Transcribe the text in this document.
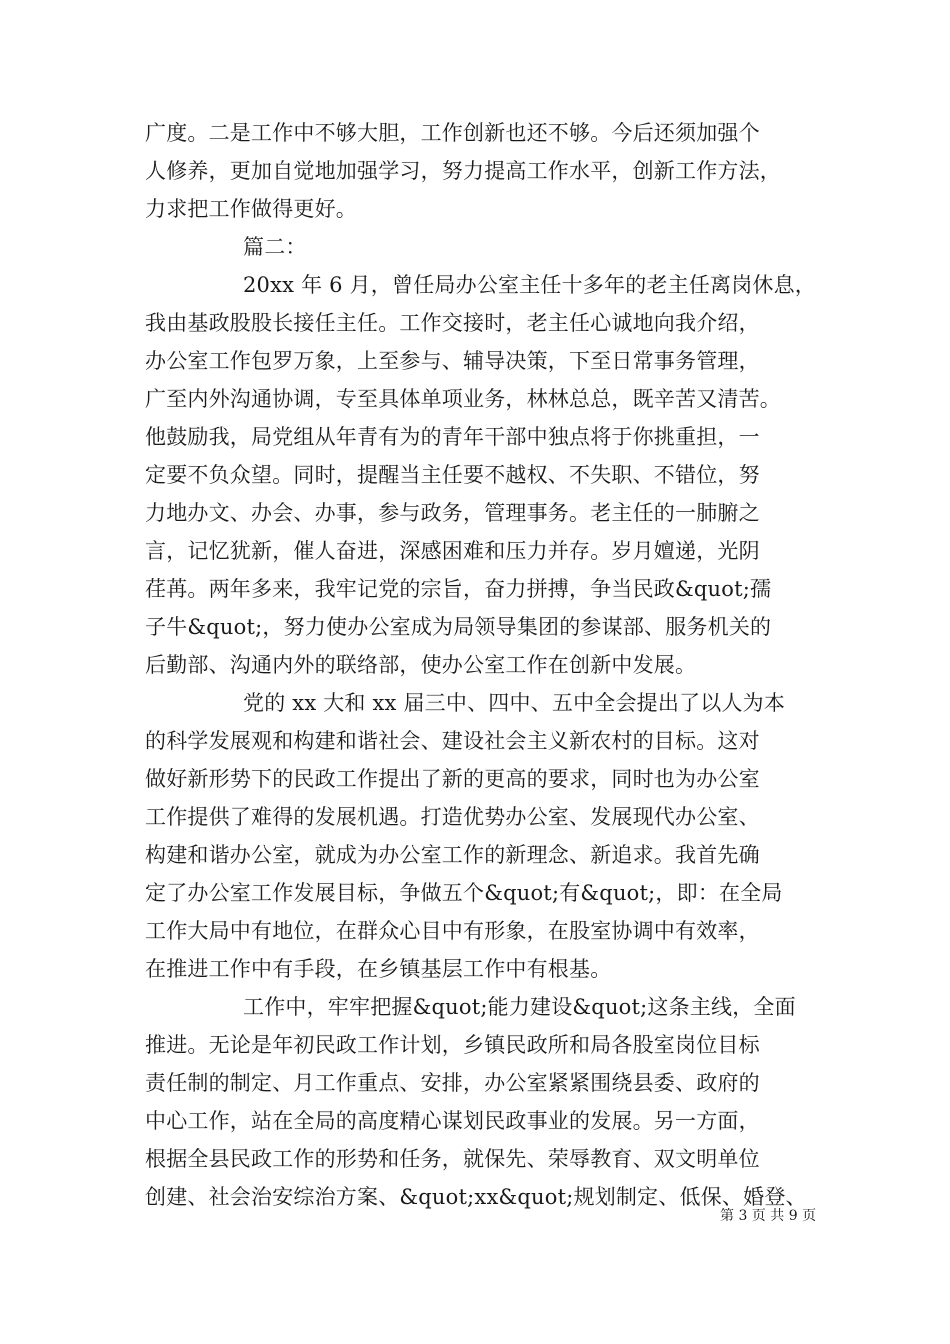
广度。二是工作中不够大胆，工作创新也还不够。今后还须加强个
人修养，更加自觉地加强学习，努力提高工作水平，创新工作方法，
力求把工作做得更好。
篇二：
20xx 年 6 月，曾任局办公室主任十多年的老主任离岗休息，
我由基政股股长接任主任。工作交接时，老主任心诚地向我介绍，
办公室工作包罗万象，上至参与、辅导决策，下至日常事务管理，
广至内外沟通协调，专至具体单项业务，林林总总，既辛苦又清苦。
他鼓励我，局党组从年青有为的青年干部中独点将于你挑重担，一
定要不负众望。同时，提醒当主任要不越权、不失职、不错位，努
力地办文、办会、办事，参与政务，管理事务。老主任的一肺腑之
言，记忆犹新，催人奋进，深感困难和压力并存。岁月嬗递，光阴
荏苒。两年多来，我牢记党的宗旨，奋力拼搏，争当民政&quot;孺
子牛&quot;，努力使办公室成为局领导集团的参谋部、服务机关的
后勤部、沟通内外的联络部，使办公室工作在创新中发展。
党的 xx 大和 xx 届三中、四中、五中全会提出了以人为本
的科学发展观和构建和谐社会、建设社会主义新农村的目标。这对
做好新形势下的民政工作提出了新的更高的要求，同时也为办公室
工作提供了难得的发展机遇。打造优势办公室、发展现代办公室、
构建和谐办公室，就成为办公室工作的新理念、新追求。我首先确
定了办公室工作发展目标，争做五个&quot;有&quot;，即：在全局
工作大局中有地位，在群众心目中有形象，在股室协调中有效率，
在推进工作中有手段，在乡镇基层工作中有根基。
工作中，牢牢把握&quot;能力建设&quot;这条主线，全面
推进。无论是年初民政工作计划，乡镇民政所和局各股室岗位目标
责任制的制定、月工作重点、安排，办公室紧紧围绕县委、政府的
中心工作，站在全局的高度精心谋划民政事业的发展。另一方面，
根据全县民政工作的形势和任务，就保先、荣辱教育、双文明单位
创建、社会治安综治方案、&quot;xx&quot;规划制定、低保、婚登、
第 3 页 共 9 页
